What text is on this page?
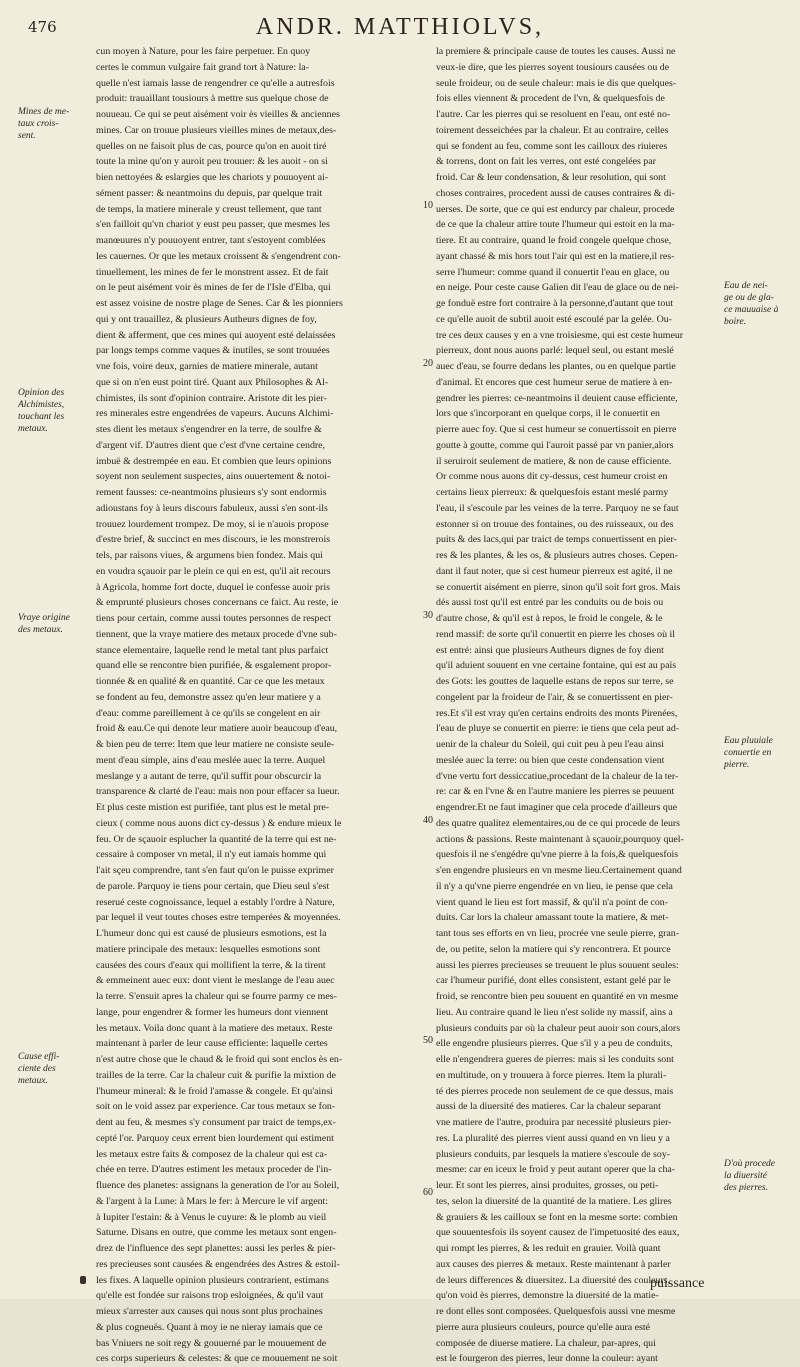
476	ANDR. MATTHIOLVS,
Mines de me-
taux crois-
sent.
Opinion des
Alchimistes,
touchant les
metaux.
Vraye origine
des metaux.
Cause effi-
ciente des
metaux.
Eau de nei-
ge ou de gla-
ce mauuaise à
boire.
Eau pluuiale
conuertie en
pierre.
D'où procede
la diuersité
des pierres.
10
20
30
40
50
60
cun moyen à Nature, pour les faire perpetuer. En quoy
certes le commun vulgaire fait grand tort à Nature: la-
quelle n'est iamais lasse de rengendrer ce qu'elle a autresfois
produit: trauaillant tousiours à mettre sus quelque chose de
nouueau. Ce qui se peut aisément voir ès vieilles & anciennes
mines. Car on trouue plusieurs vieilles mines de metaux,des-
quelles on ne faisoit plus de cas, pource qu'on en auoit tiré
toute la mine qu'on y auroit peu trouuer: & les auoit - on si
bien nettoyées & eslargies que les chariots y pouuoyent ai-
sément passer: & neantmoins du depuis, par quelque trait
de temps, la matiere minerale y creust tellement, que tant
s'en failloit qu'vn chariot y eust peu passer, que mesmes les
manœuures n'y pouuoyent entrer, tant s'estoyent comblées
les cauernes. Or que les metaux croissent & s'engendrent con-
tinuellement, les mines de fer le monstrent assez. Et de fait
on le peut aisément voir ès mines de fer de l'Isle d'Elba, qui
est assez voisine de nostre plage de Senes. Car & les pionniers
qui y ont trauaillez, & plusieurs Autheurs dignes de foy,
dient & afferment, que ces mines qui auoyent esté delaissées
par longs temps comme vaques & inutiles, se sont trouuées
vne fois, voire deux, garnies de matiere minerale, autant
que si on n'en eust point tiré. Quant aux Philosophes & Al-
chimistes, ils sont d'opinion contraire. Aristote dit les pier-
res minerales estre engendrées de vapeurs. Aucuns Alchimi-
stes dient les metaux s'engendrer en la terre, de soulfre &
d'argent vif. D'autres dient que c'est d'vne certaine cendre,
imbuë & destrempée en eau. Et combien que leurs opinions
soyent non seulement suspectes, ains ouuertement & notoi-
rement fausses: ce-neantmoins plusieurs s'y sont endormis
adioustans foy à leurs discours fabuleux, aussi s'en sont-ils
trouuez lourdement trompez. De moy, si ie n'auois propose
d'estre brief, & succinct en mes discours, ie les monstrerois
tels, par raisons viues, & argumens bien fondez. Mais qui
en voudra sçauoir par le plein ce qui en est, qu'il ait recours
à Agricola, homme fort docte, duquel ie confesse auoir pris
& emprunté plusieurs choses concernans ce faict. Au reste, ie
tiens pour certain, comme aussi toutes personnes de respect
tiennent, que la vraye matiere des metaux procede d'vne sub-
stance elementaire, laquelle rend le metal tant plus parfaict
quand elle se rencontre bien purifiée, & esgalement propor-
tionnée & en qualité & en quantité. Car ce que les metaux
se fondent au feu, demonstre assez qu'en leur matiere y a
d'eau: comme pareillement à ce qu'ils se congelent en air
froid & eau.Ce qui denote leur matiere auoir beaucoup d'eau,
& bien peu de terre: Item que leur matiere ne consiste seule-
ment d'eau simple, ains d'eau meslée auec la terre. Auquel
meslange y a autant de terre, qu'il suffit pour obscurcir la
transparence & clarté de l'eau: mais non pour effacer sa lueur.
Et plus ceste mistion est purifiée, tant plus est le metal pre-
cieux ( comme nous auons dict cy-dessus ) & endure mieux le
feu. Or de sçauoir esplucher la quantité de la terre qui est ne-
cessaire à composer vn metal, il n'y eut iamais homme qui
l'ait sçeu comprendre, tant s'en faut qu'on le puisse exprimer
de parole. Parquoy ie tiens pour certain, que Dieu seul s'est
reserué ceste cognoissance, lequel a estably l'ordre à Nature,
par lequel il veut toutes choses estre temperées & moyennées.
L'humeur donc qui est causé de plusieurs esmotions, est la
matiere principale des metaux: lesquelles esmotions sont
causées des cours d'eaux qui mollifient la terre, & la tirent
& emmeinent auec eux: dont vient le meslange de l'eau auec
la terre. S'ensuit apres la chaleur qui se fourre parmy ce mes-
lange, pour engendrer & former les humeurs dont viennent
les metaux. Voila donc quant à la matiere des metaux. Reste
maintenant à parler de leur cause efficiente: laquelle certes
n'est autre chose que le chaud & le froid qui sont enclos ès en-
trailles de la terre. Car la chaleur cuit & purifie la mixtion de
l'humeur mineral: & le froid l'amasse & congele. Et qu'ainsi
soit on le void assez par experience. Car tous metaux se fon-
dent au feu, & mesmes s'y consument par traict de temps,ex-
cepté l'or. Parquoy ceux errent bien lourdement qui estiment
les metaux estre faits & composez de la chaleur qui est ca-
chée en terre. D'autres estiment les metaux proceder de l'in-
fluence des planetes: assignans la generation de l'or au Soleil,
& l'argent à la Lune: à Mars le fer: à Mercure le vif argent:
à Iupiter l'estain: & à Venus le cuyure: & le plomb au vieil
Saturne. Disans en outre, que comme les metaux sont engen-
drez de l'influence des sept planettes: aussi les perles & pier-
res precieuses sont causées & engendrées des Astres & estoil-
les fixes. A laquelle opinion plusieurs contrarient, estimans
qu'elle est fondée sur raisons trop esloignées, & qu'il vaut
mieux s'arrester aux causes qui nous sont plus prochaines
& plus cogneuës. Quant à moy ie ne nieray iamais que ce
bas Vniuers ne soit regy & gouuerné par le mouuement de
ces corps superieurs & celestes: & que ce mouuement ne soit
la premiere & principale cause de toutes les causes. Aussi ne
veux-ie dire, que les pierres soyent tousiours causées ou de
seule froideur, ou de seule chaleur: mais ie dis que quelques-
fois elles viennent & procedent de l'vn, & quelquesfois de
l'autre. Car les pierres qui se resoluent en l'eau, ont esté no-
toirement desseichées par la chaleur. Et au contraire, celles
qui se fondent au feu, comme sont les cailloux des riuieres
& torrens, dont on fait les verres, ont esté congelées par
froid. Car & leur condensation, & leur resolution, qui sont
choses contraires, procedent aussi de causes contraires & di-
uerses. De sorte, que ce qui est endurcy par chaleur, procede
de ce que la chaleur attire toute l'humeur qui estoit en la ma-
tiere. Et au contraire, quand le froid congele quelque chose,
ayant chassé & mis hors tout l'air qui est en la matiere,il res-
serre l'humeur: comme quand il conuertit l'eau en glace, ou
en neige. Pour ceste cause Galien dit l'eau de glace ou de nei-
ge fonduë estre fort contraire à la personne,d'autant que tout
ce qu'elle auoit de subtil auoit esté escoulé par la gelée. Ou-
tre ces deux causes y en a vne troisiesme, qui est ceste humeur
pierreux, dont nous auons parlé: lequel seul, ou estant meslé
auec d'eau, se fourre dedans les plantes, ou en quelque partie
d'animal. Et encores que cest humeur serue de matiere à en-
gendrer les pierres: ce-neantmoins il deuient cause efficiente,
lors que s'incorporant en quelque corps, il le conuertit en
pierre auec foy. Que si cest humeur se conuertissoit en pierre
goutte à goutte, comme qui l'auroit passé par vn panier,alors
il seruiroit seulement de matiere, & non de cause efficiente.
Or comme nous auons dit cy-dessus, cest humeur croist en
certains lieux pierreux: & quelquesfois estant meslé parmy
l'eau, il s'escoule par les veines de la terre. Parquoy ne se faut
estonner si on trouue des fontaines, ou des ruisseaux, ou des
puits & des lacs,qui par traict de temps conuertissent en pier-
res & les plantes, & les os, & plusieurs autres choses. Cepen-
dant il faut noter, que si cest humeur pierreux est agité, il ne
se conuertit aisément en pierre, sinon qu'il soit fort gros. Mais
dés aussi tost qu'il est entré par les conduits ou de bois ou
d'autre chose, & qu'il est à repos, le froid le congele, & le
rend massif: de sorte qu'il conuertit en pierre les choses où il
est entré: ainsi que plusieurs Autheurs dignes de foy dient
qu'il aduient souuent en vne certaine fontaine, qui est au païs
des Gots: les gouttes de laquelle estans de repos sur terre, se
congelent par la froideur de l'air, & se conuertissent en pier-
res.Et s'il est vray qu'en certains endroits des monts Pirenées,
l'eau de pluye se conuertit en pierre: ie tiens que cela peut ad-
uenir de la chaleur du Soleil, qui cuit peu à peu l'eau ainsi
meslée auec la terre: ou bien que ceste condensation vient
d'vne vertu fort dessiccatiue,procedant de la chaleur de la ter-
re: car & en l'vne & en l'autre maniere les pierres se peuuent
engendrer.Et ne faut imaginer que cela procede d'ailleurs que
des quatre qualitez elementaires,ou de ce qui procede de leurs
actions & passions. Reste maintenant à sçauoir,pourquoy quel-
quesfois il ne s'engédre qu'vne pierre à la fois,& quelquesfois
s'en engendre plusieurs en vn mesme lieu.Certainement quand
il n'y a qu'vne pierre engendrée en vn lieu, ie pense que cela
vient quand le lieu est fort massif, & qu'il n'a point de con-
duits. Car lors la chaleur amassant toute la matiere, & met-
tant tous ses efforts en vn lieu, procrée vne seule pierre, gran-
de, ou petite, selon la matiere qui s'y rencontrera. Et pource
aussi les pierres precieuses se treuuent le plus souuent seules:
car l'humeur purifié, dont elles consistent, estant gelé par le
froid, se rencontre bien peu souuent en quantité en vn mesme
lieu. Au contraire quand le lieu n'est solide ny massif, ains a
plusieurs conduits par où la chaleur peut auoir son cours,alors
elle engendre plusieurs pierres. Que s'il y a peu de conduits,
elle n'engendrera gueres de pierres: mais si les conduits sont
en multitude, on y trouuera à force pierres. Item la plurali-
té des pierres procede non seulement de ce que dessus, mais
aussi de la diuersité des matieres. Car la chaleur separant
vne matiere de l'autre, produira par necessité plusieurs pier-
res. La pluralité des pierres vient aussi quand en vn lieu y a
plusieurs conduits, par lesquels la matiere s'escoule de soy-
mesme: car en iceux le froid y peut autant operer que la cha-
leur. Et sont les pierres, ainsi produites, grosses, ou peti-
tes, selon la diuersité de la quantité de la matiere. Les glires
& grauiers & les cailloux se font en la mesme sorte: combien
que souuentesfois ils soyent causez de l'impetuosité des eaux,
qui rompt les pierres, & les reduit en grauier. Voilà quant
aux causes des pierres & metaux. Reste maintenant à parler
de leurs differences & diuersitez. La diuersité des couleurs,
qu'on void ès pierres, demonstre la diuersité de la matie-
re dont elles sont composées. Quelquesfois aussi vne mesme
pierre aura plusieurs couleurs, pource qu'elle aura esté
composée de diuerse matiere. La chaleur, par-apres, qui
est le fourgeron des pierres, leur donne la couleur: ayant
puissance
